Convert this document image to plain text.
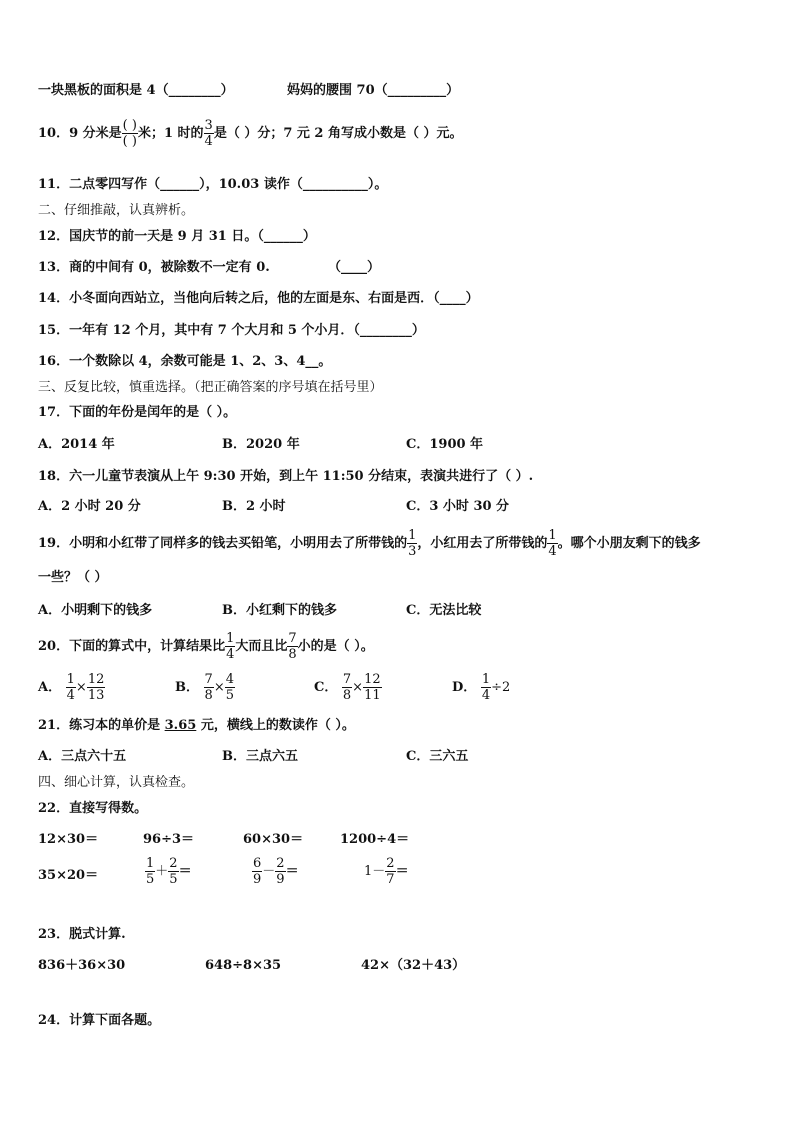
一块黑板的面积是 4（________）	妈妈的腰围 70（_________）
10．9 分米是 $\frac{( )}{( )}$ 米；1 时的 $\frac{3}{4}$ 是（ ）分；7 元 2 角写成小数是（ ）元。
11．二点零四写作（______），10.03 读作（__________）。
二、仔细推敲，认真辨析。
12．国庆节的前一天是 9 月 31 日。（______）
13．商的中间有 0，被除数不一定有 0.	（____）
14．小冬面向西站立，当他向后转之后，他的左面是东、右面是西．（____）
15．一年有 12 个月，其中有 7 个大月和 5 个小月．（________）
16．一个数除以 4，余数可能是 1、2、3、4__。
三、反复比较，慎重选择。（把正确答案的序号填在括号里）
17．下面的年份是闰年的是（ ）。
A．2014 年	B．2020 年	C．1900 年
18．六一儿童节表演从上午 9:30 开始，到上午 11:50 分结束，表演共进行了（ ）.
A．2 小时 20 分	B．2 小时	C．3 小时 30 分
19．小明和小红带了同样多的钱去买铅笔，小明用去了所带钱的 $\frac{1}{3}$ ，小红用去了所带钱的 $\frac{1}{4}$ 。哪个小朋友剩下的钱多
一些？（ ）
A．小明剩下的钱多	B．小红剩下的钱多	C．无法比较
20．下面的算式中，计算结果比 $\frac{1}{4}$ 大而且比 $\frac{7}{8}$ 小的是（ ）。
A． $\frac{1}{4} \times \frac{12}{13}$	B． $\frac{7}{8} \times \frac{4}{5}$	C． $\frac{7}{8} \times \frac{12}{11}$	D． $\frac{1}{4} \div 2$
21．练习本的单价是 3.65 元，横线上的数读作（ ）。
A．三点六十五	B．三点六五	C．三六五
四、细心计算，认真检查。
22．直接写得数。
12×30＝	96÷3＝	60×30＝	1200÷4＝
35×20＝	$\frac{1}{5} + \frac{2}{5}$ ＝	$\frac{6}{9} - \frac{2}{9}$ ＝	$1- \frac{2}{7}$ ＝
23．脱式计算.
836＋36×30	648÷8×35	42×（32＋43）
24．计算下面各题。
